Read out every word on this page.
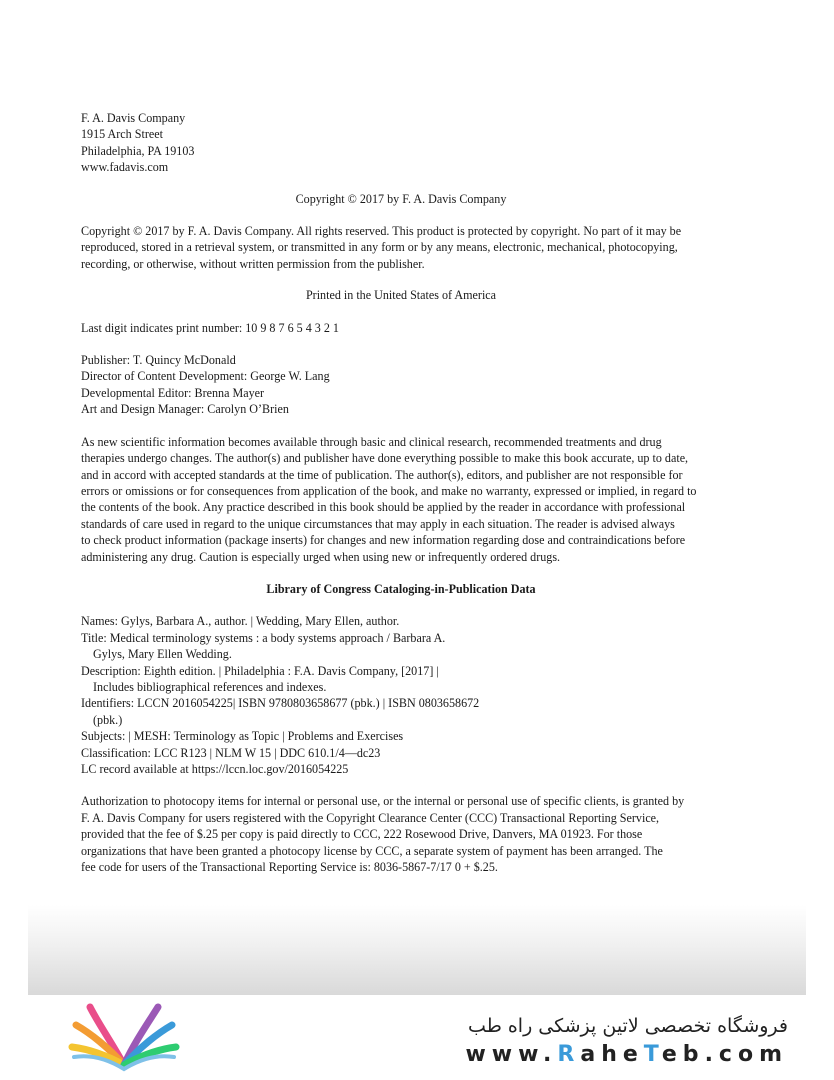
F. A. Davis Company
1915 Arch Street
Philadelphia, PA 19103
www.fadavis.com
Copyright © 2017 by F. A. Davis Company
Copyright © 2017 by F. A. Davis Company. All rights reserved. This product is protected by copyright. No part of it may be
reproduced, stored in a retrieval system, or transmitted in any form or by any means, electronic, mechanical, photocopying,
recording, or otherwise, without written permission from the publisher.
Printed in the United States of America
Last digit indicates print number: 10 9 8 7 6 5 4 3 2 1
Publisher: T. Quincy McDonald
Director of Content Development: George W. Lang
Developmental Editor: Brenna Mayer
Art and Design Manager: Carolyn O’Brien
As new scientific information becomes available through basic and clinical research, recommended treatments and drug
therapies undergo changes. The author(s) and publisher have done everything possible to make this book accurate, up to date,
and in accord with accepted standards at the time of publication. The author(s), editors, and publisher are not responsible for
errors or omissions or for consequences from application of the book, and make no warranty, expressed or implied, in regard to
the contents of the book. Any practice described in this book should be applied by the reader in accordance with professional
standards of care used in regard to the unique circumstances that may apply in each situation. The reader is advised always
to check product information (package inserts) for changes and new information regarding dose and contraindications before
administering any drug. Caution is especially urged when using new or infrequently ordered drugs.
Library of Congress Cataloging-in-Publication Data
Names: Gylys, Barbara A., author. | Wedding, Mary Ellen, author.
Title: Medical terminology systems : a body systems approach / Barbara A.
Gylys, Mary Ellen Wedding.
Description: Eighth edition. | Philadelphia : F.A. Davis Company, [2017] |
Includes bibliographical references and indexes.
Identifiers: LCCN 2016054225| ISBN 9780803658677 (pbk.) | ISBN 0803658672
(pbk.)
Subjects: | MESH: Terminology as Topic | Problems and Exercises
Classification: LCC R123 | NLM W 15 | DDC 610.1/4—dc23
LC record available at https://lccn.loc.gov/2016054225
Authorization to photocopy items for internal or personal use, or the internal or personal use of specific clients, is granted by
F. A. Davis Company for users registered with the Copyright Clearance Center (CCC) Transactional Reporting Service,
provided that the fee of $.25 per copy is paid directly to CCC, 222 Rosewood Drive, Danvers, MA 01923. For those
organizations that have been granted a photocopy license by CCC, a separate system of payment has been arranged. The
fee code for users of the Transactional Reporting Service is: 8036-5867-7/17 0 + $.25.
فروشگاه تخصصی لاتین پزشکی راه طب
www.RaheTeb.com
